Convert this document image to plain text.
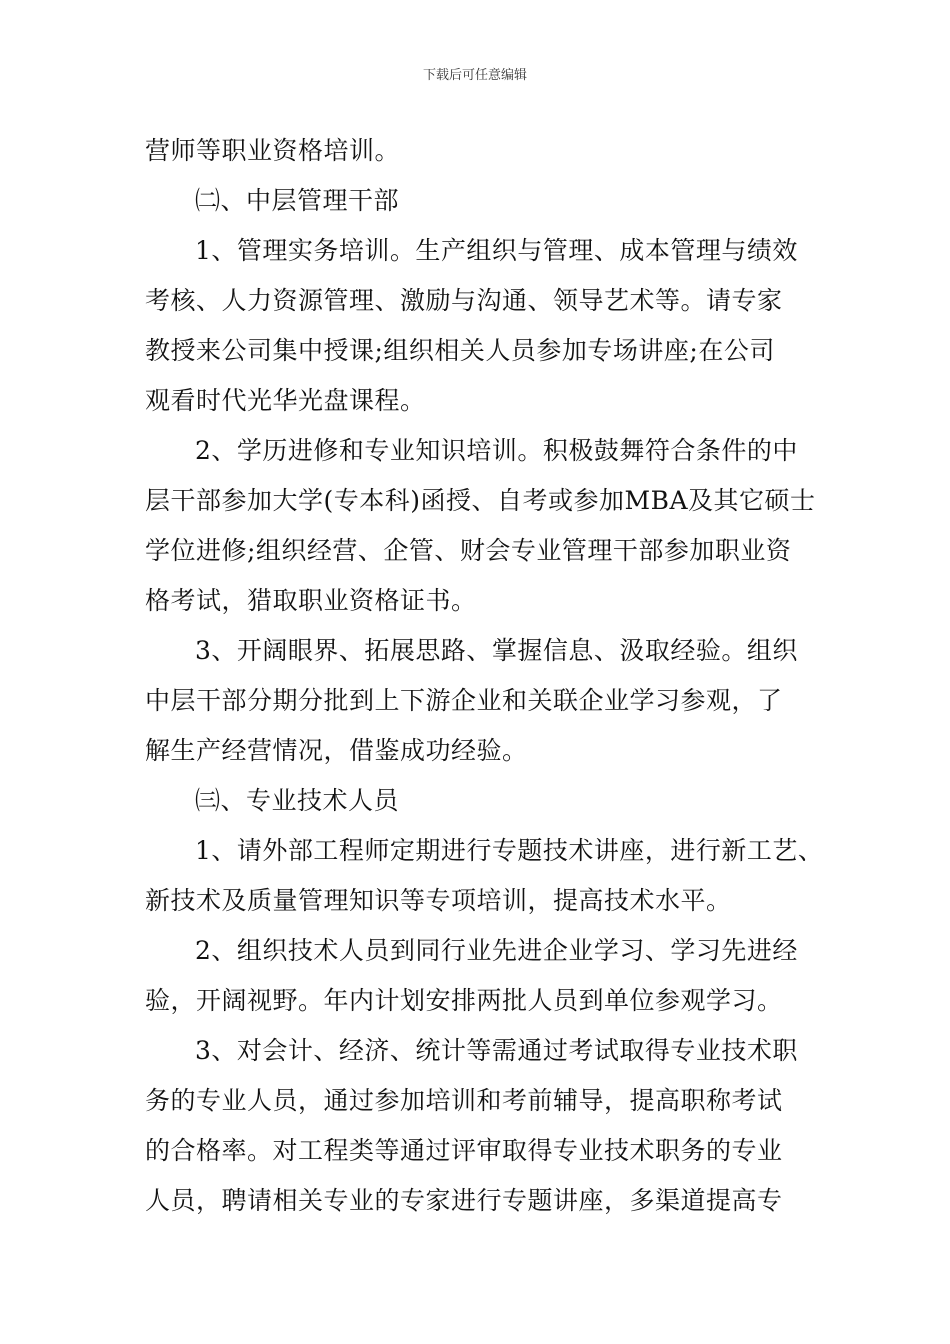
下载后可任意编辑
营师等职业资格培训。
㈡、中层管理干部
1、管理实务培训。生产组织与管理、成本管理与绩效
考核、人力资源管理、激励与沟通、领导艺术等。请专家
教授来公司集中授课;组织相关人员参加专场讲座;在公司
观看时代光华光盘课程。
2、学历进修和专业知识培训。积极鼓舞符合条件的中
层干部参加大学(专本科)函授、自考或参加MBA及其它硕士
学位进修;组织经营、企管、财会专业管理干部参加职业资
格考试，猎取职业资格证书。
3、开阔眼界、拓展思路、掌握信息、汲取经验。组织
中层干部分期分批到上下游企业和关联企业学习参观，了
解生产经营情况，借鉴成功经验。
㈢、专业技术人员
1、请外部工程师定期进行专题技术讲座，进行新工艺、
新技术及质量管理知识等专项培训，提高技术水平。
2、组织技术人员到同行业先进企业学习、学习先进经
验，开阔视野。年内计划安排两批人员到单位参观学习。
3、对会计、经济、统计等需通过考试取得专业技术职
务的专业人员，通过参加培训和考前辅导，提高职称考试
的合格率。对工程类等通过评审取得专业技术职务的专业
人员，聘请相关专业的专家进行专题讲座，多渠道提高专
